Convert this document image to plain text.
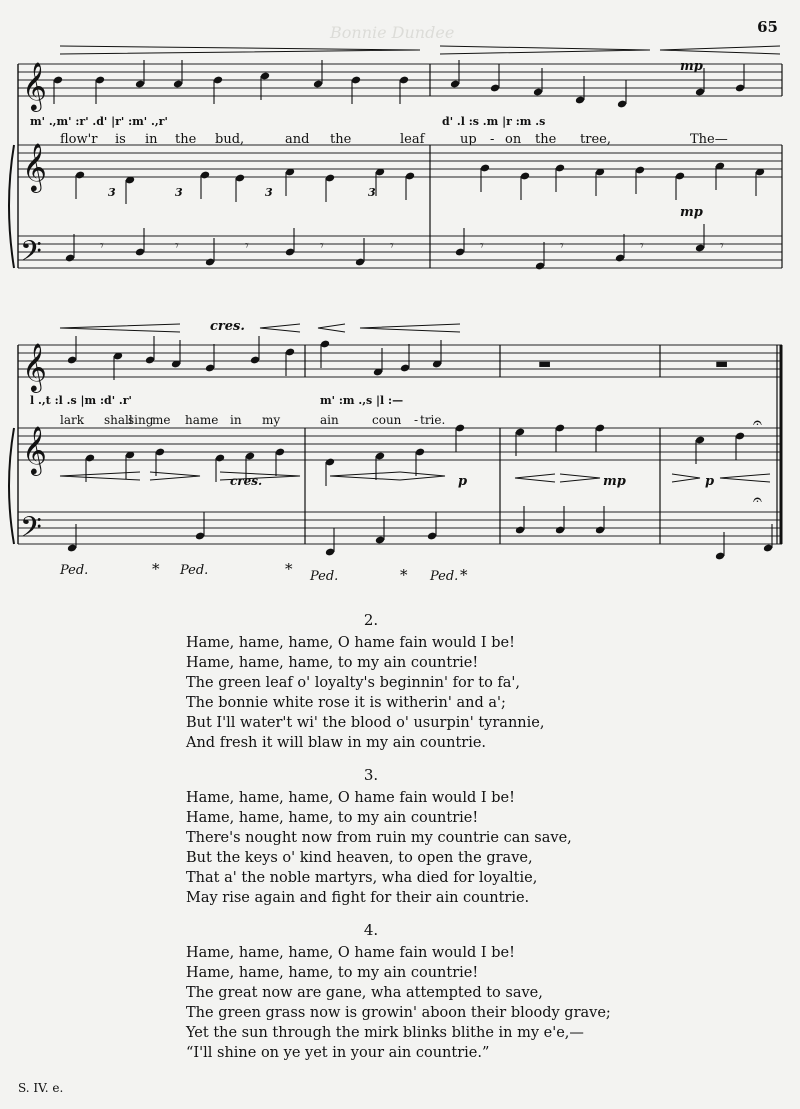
65
Bonnie Dundee
𝄞
𝄞
𝄢
m' .,m' :r' .d' |r' :m' .,r'	d' .l :s .m |r :m .s
flow'r is in the bud,	and the	leaf	up - on the tree,	The—
mp
mp
3	3	3	3
𝄾	𝄾	𝄾	𝄾	𝄾	𝄾	𝄾	𝄾	𝄾
𝄞
𝄞
𝄢
cres.
▬	▬
l .,t :l .s |m :d' .r'	m' :m .,s |l :—
lark shall
sing
me hame in my	ain	coun - trie.
cres.	p	mp	p
𝄐
𝄐
Ped.	* Ped.	* Ped.	* Ped. *
2.
Hame, hame, hame, O hame fain would I be!
Hame, hame, hame, to my ain countrie!
The green leaf o' loyalty's beginnin' for to fa',
The bonnie white rose it is witherin' and a';
But I'll water't wi' the blood o' usurpin' tyrannie,
And fresh it will blaw in my ain countrie.
3.
Hame, hame, hame, O hame fain would I be!
Hame, hame, hame, to my ain countrie!
There's nought now from ruin my countrie can save,
But the keys o' kind heaven, to open the grave,
That a' the noble martyrs, wha died for loyaltie,
May rise again and fight for their ain countrie.
4.
Hame, hame, hame, O hame fain would I be!
Hame, hame, hame, to my ain countrie!
The great now are gane, wha attempted to save,
The green grass now is growin' aboon their bloody grave;
Yet the sun through the mirk blinks blithe in my e'e,—
“I'll shine on ye yet in your ain countrie.”
S. IV. e.
